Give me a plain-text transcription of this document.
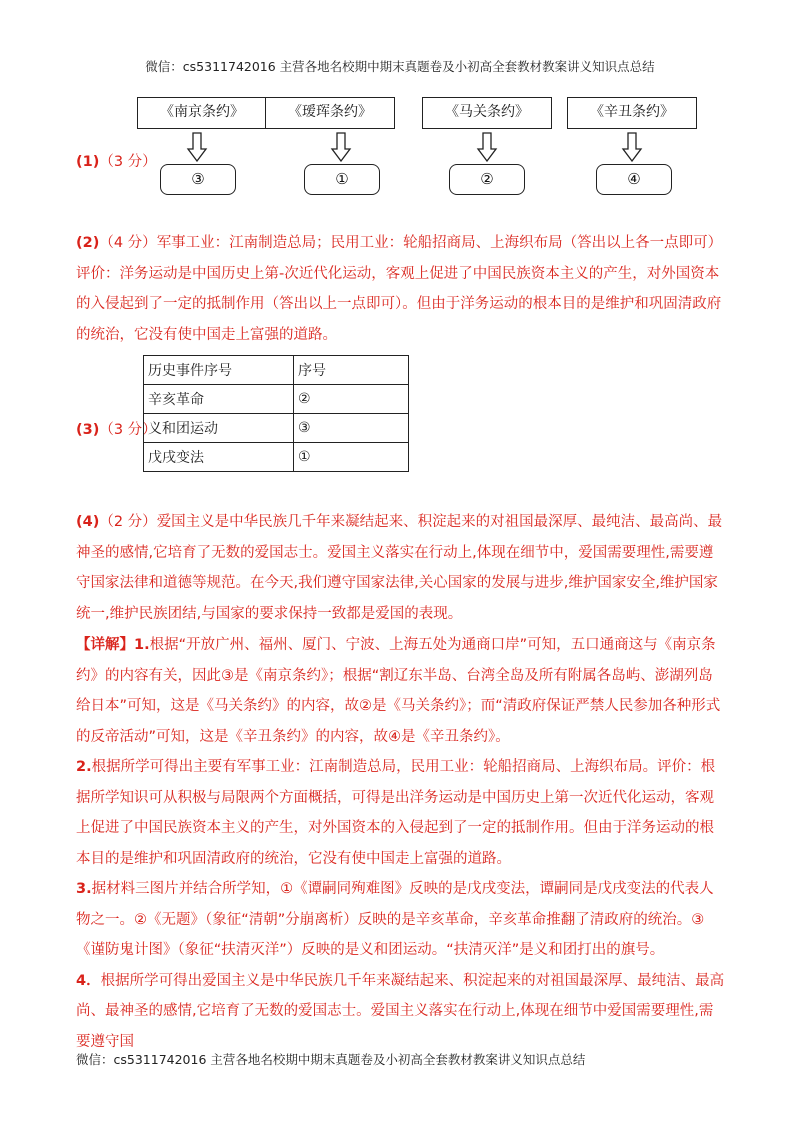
微信：cs5311742016 主营各地名校期中期末真题卷及小初高全套教材教案讲义知识点总结
《南京条约》	《瑷珲条约》	《马关条约》	《辛丑条约》
③	①	②	④
(1)（3 分）
(2)（4 分）军事工业：江南制造总局；民用工业：轮船招商局、上海织布局（答出以上各一点即可）评价：洋务运动是中国历史上第-次近代化运动，客观上促进了中国民族资本主义的产生，对外国资本的入侵起到了一定的抵制作用（答出以上一点即可）。但由于洋务运动的根本目的是维护和巩固清政府的统治，它没有使中国走上富强的道路。
(3)（3 分）
历史事件序号	序号
辛亥革命	②
义和团运动	③
戊戌变法	①
(4)（2 分）爱国主义是中华民族几千年来凝结起来、积淀起来的对祖国最深厚、最纯洁、最高尚、最神圣的感情,它培育了无数的爱国志士。爱国主义落实在行动上,体现在细节中，爱国需要理性,需要遵守国家法律和道德等规范。在今天,我们遵守国家法律,关心国家的发展与进步,维护国家安全,维护国家统一,维护民族团结,与国家的要求保持一致都是爱国的表现。
【详解】1.根据“开放广州、福州、厦门、宁波、上海五处为通商口岸”可知，五口通商这与《南京条约》的内容有关，因此③是《南京条约》；根据“割辽东半岛、台湾全岛及所有附属各岛屿、澎湖列岛给日本”可知，这是《马关条约》的内容，故②是《马关条约》；而“清政府保证严禁人民参加各种形式的反帝活动”可知，这是《辛丑条约》的内容，故④是《辛丑条约》。
2.根据所学可得出主要有军事工业：江南制造总局，民用工业：轮船招商局、上海织布局。评价：根据所学知识可从积极与局限两个方面概括，可得是出洋务运动是中国历史上第一次近代化运动，客观上促进了中国民族资本主义的产生，对外国资本的入侵起到了一定的抵制作用。但由于洋务运动的根本目的是维护和巩固清政府的统治，它没有使中国走上富强的道路。
3.据材料三图片并结合所学知，①《谭嗣同殉难图》反映的是戊戌变法，谭嗣同是戊戌变法的代表人物之一。②《无题》（象征“清朝”分崩离析）反映的是辛亥革命，辛亥革命推翻了清政府的统治。③《谨防鬼计图》（象征“扶清灭洋”）反映的是义和团运动。“扶清灭洋”是义和团打出的旗号。
4．根据所学可得出爱国主义是中华民族几千年来凝结起来、积淀起来的对祖国最深厚、最纯洁、最高尚、最神圣的感情,它培育了无数的爱国志士。爱国主义落实在行动上,体现在细节中爱国需要理性,需要遵守国
微信：cs5311742016 主营各地名校期中期末真题卷及小初高全套教材教案讲义知识点总结
